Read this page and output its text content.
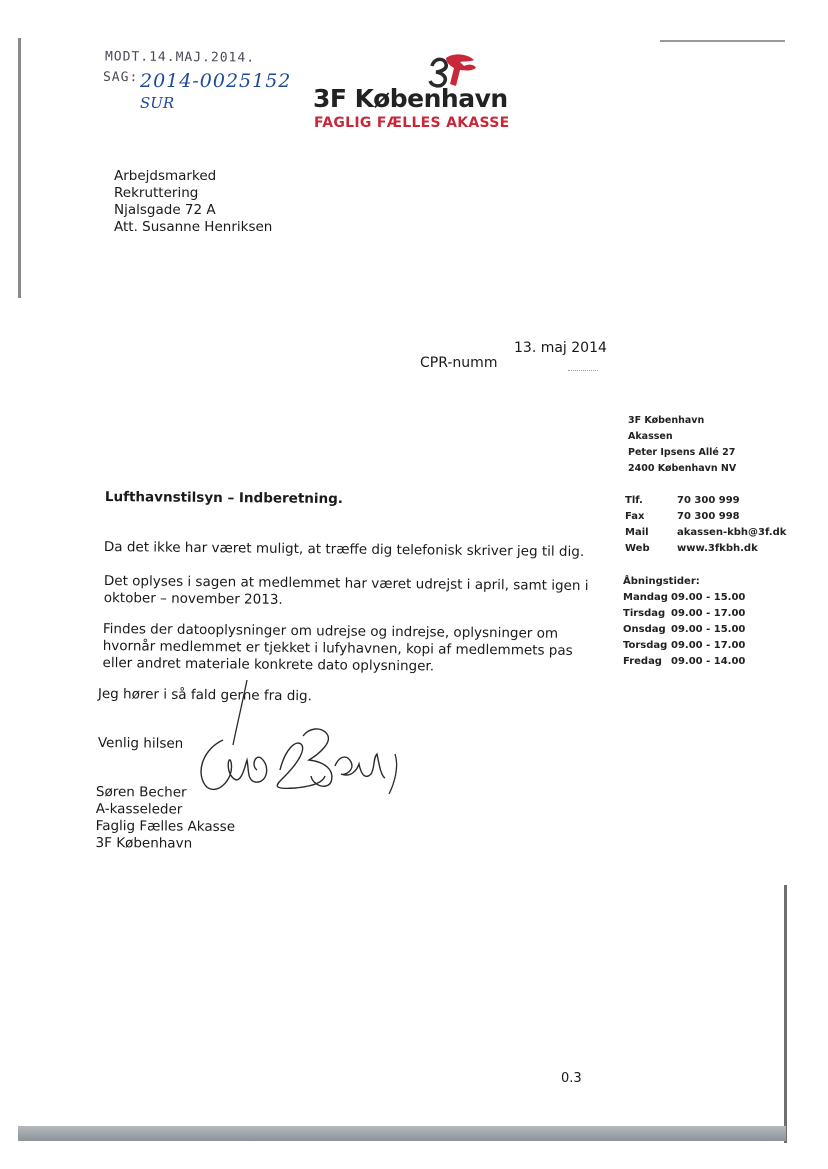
MODT.14.MAJ.2014.
SAG: 2014-0025152
SUR	3F København
FAGLIG FÆLLES AKASSE
Arbejdsmarked
Rekruttering
Njalsgade 72 A
Att. Susanne Henriksen
13. maj 2014
CPR-numm
3F København
Akassen
Peter Ipsens Allé 27
2400 København NV
Tlf.	70 300 999
Fax	70 300 998
Mail	akassen-kbh@3f.dk
Web	www.3fkbh.dk
Åbningstider:
Mandag 09.00 - 15.00
Tirsdag 09.00 - 17.00
Onsdag 09.00 - 15.00
Torsdag 09.00 - 17.00
Fredag 09.00 - 14.00
Lufthavnstilsyn – Indberetning.
Da det ikke har været muligt, at træffe dig telefonisk skriver jeg til dig.
Det oplyses i sagen at medlemmet har været udrejst i april, samt igen i
oktober – november 2013.
Findes der datooplysninger om udrejse og indrejse, oplysninger om
hvornår medlemmet er tjekket i lufyhavnen, kopi af medlemmets pas
eller andret materiale konkrete dato oplysninger.
Jeg hører i så fald gerne fra dig.
Venlig hilsen
Søren Becher
A-kasseleder
Faglig Fælles Akasse
3F København
0.3
